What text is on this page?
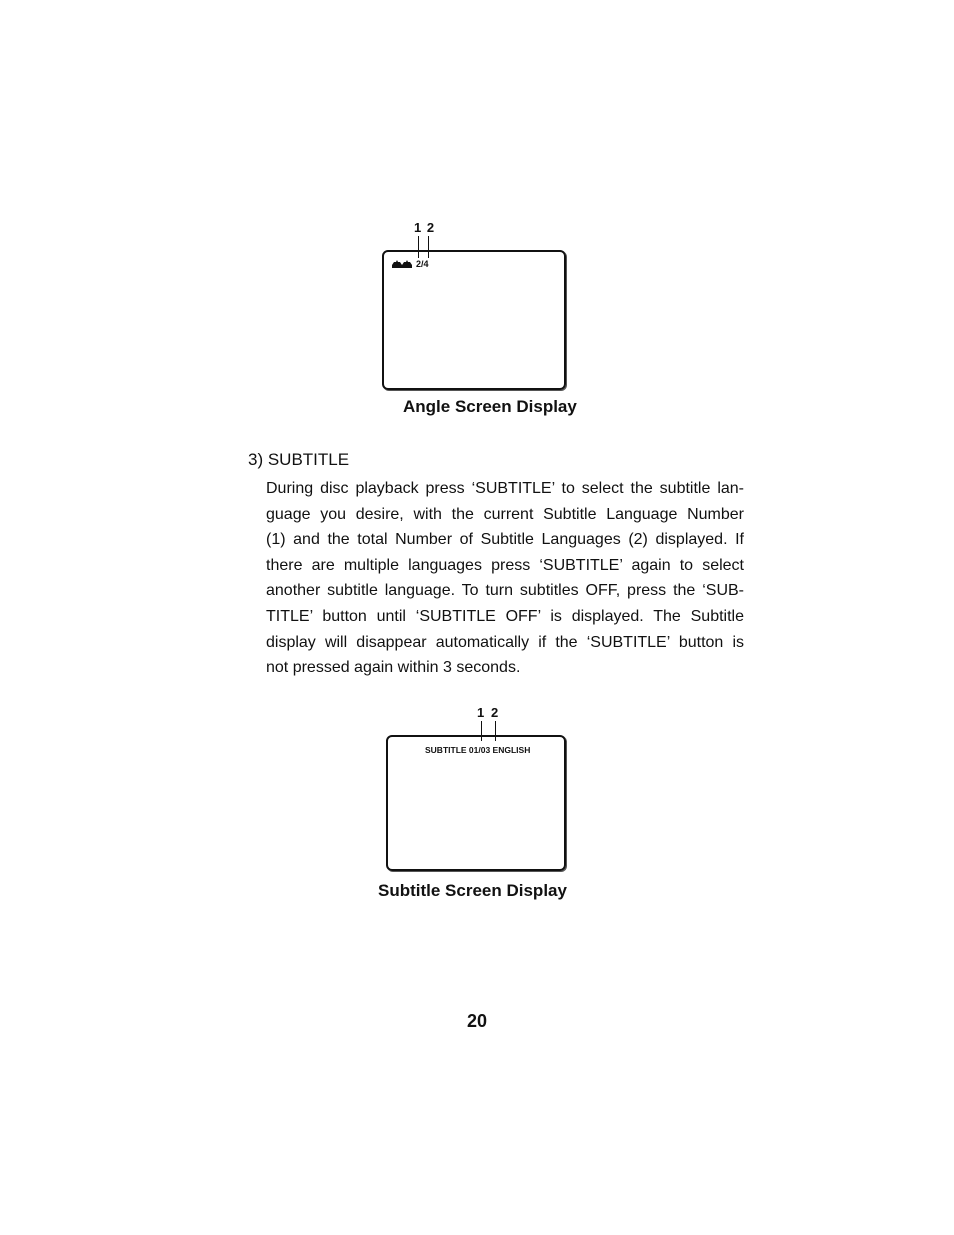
1 2
2/4
Angle Screen Display
3) SUBTITLE
During disc playback press ‘SUBTITLE’ to select the subtitle lan-
guage you desire, with the current Subtitle Language Number
(1) and the total Number of Subtitle Languages (2) displayed. If
there are multiple languages press ‘SUBTITLE’ again to select
another subtitle language. To turn subtitles OFF, press the ‘SUB-
TITLE’ button until ‘SUBTITLE OFF’ is displayed. The Subtitle
display will disappear automatically if the ‘SUBTITLE’ button is
not pressed again within 3 seconds.
1 2
SUBTITLE 01/03 ENGLISH
Subtitle Screen Display
20
